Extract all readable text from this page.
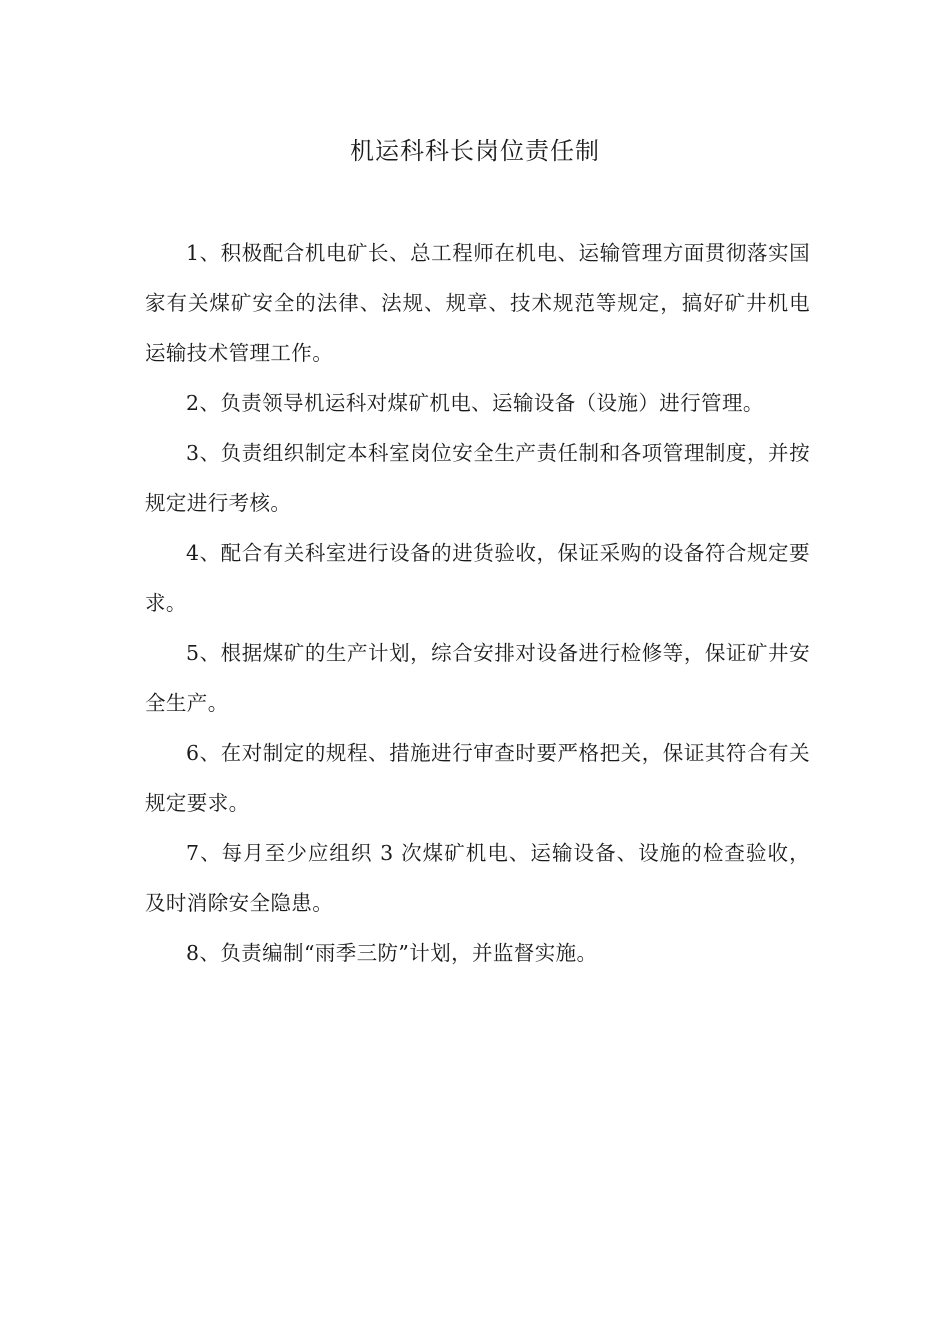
机运科科长岗位责任制

1、积极配合机电矿长、总工程师在机电、运输管理方面贯彻落实国家有关煤矿安全的法律、法规、规章、技术规范等规定，搞好矿井机电运输技术管理工作。

2、负责领导机运科对煤矿机电、运输设备（设施）进行管理。

3、负责组织制定本科室岗位安全生产责任制和各项管理制度，并按规定进行考核。

4、配合有关科室进行设备的进货验收，保证采购的设备符合规定要求。

5、根据煤矿的生产计划，综合安排对设备进行检修等，保证矿井安全生产。

6、在对制定的规程、措施进行审查时要严格把关，保证其符合有关规定要求。

7、每月至少应组织 3 次煤矿机电、运输设备、设施的检查验收，及时消除安全隐患。

8、负责编制“雨季三防”计划，并监督实施。
